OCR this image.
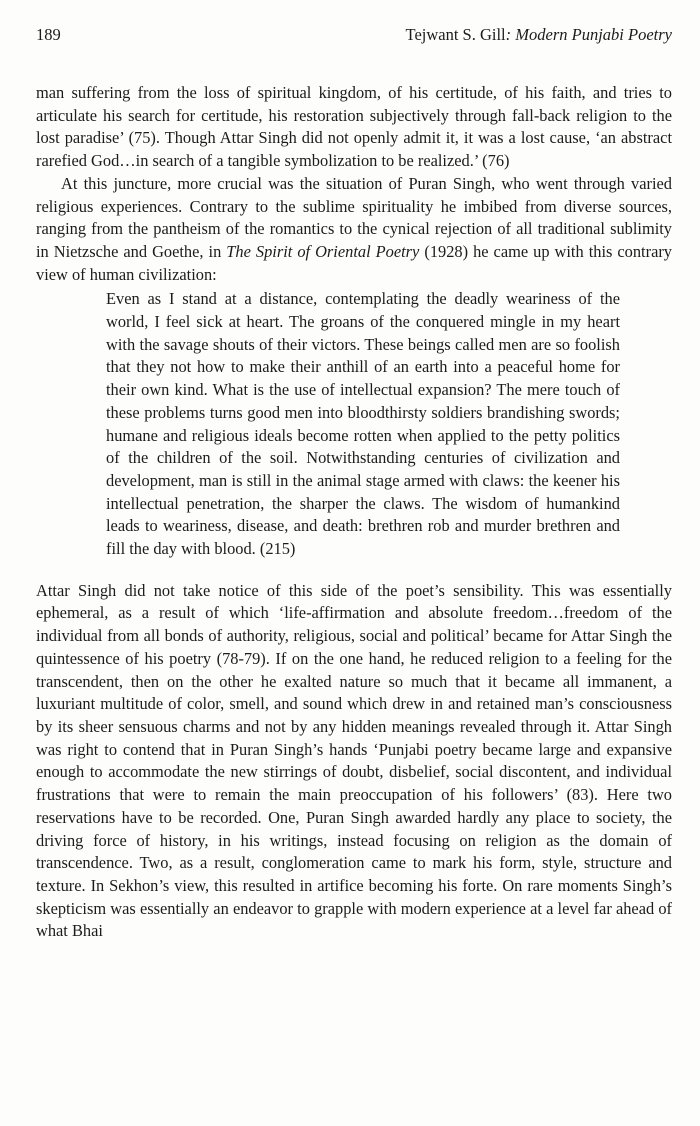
189	Tejwant S. Gill: Modern Punjabi Poetry

man suffering from the loss of spiritual kingdom, of his certitude, of his faith, and tries to articulate his search for certitude, his restoration subjectively through fall-back religion to the lost paradise’ (75). Though Attar Singh did not openly admit it, it was a lost cause, ‘an abstract rarefied God…in search of a tangible symbolization to be realized.’ (76)

At this juncture, more crucial was the situation of Puran Singh, who went through varied religious experiences. Contrary to the sublime spirituality he imbibed from diverse sources, ranging from the pantheism of the romantics to the cynical rejection of all traditional sublimity in Nietzsche and Goethe, in The Spirit of Oriental Poetry (1928) he came up with this contrary view of human civilization:

Even as I stand at a distance, contemplating the deadly weariness of the world, I feel sick at heart. The groans of the conquered mingle in my heart with the savage shouts of their victors. These beings called men are so foolish that they not how to make their anthill of an earth into a peaceful home for their own kind. What is the use of intellectual expansion? The mere touch of these problems turns good men into bloodthirsty soldiers brandishing swords; humane and religious ideals become rotten when applied to the petty politics of the children of the soil. Notwithstanding centuries of civilization and development, man is still in the animal stage armed with claws: the keener his intellectual penetration, the sharper the claws. The wisdom of humankind leads to weariness, disease, and death: brethren rob and murder brethren and fill the day with blood. (215)

Attar Singh did not take notice of this side of the poet’s sensibility. This was essentially ephemeral, as a result of which ‘life-affirmation and absolute freedom…freedom of the individual from all bonds of authority, religious, social and political’ became for Attar Singh the quintessence of his poetry (78-79). If on the one hand, he reduced religion to a feeling for the transcendent, then on the other he exalted nature so much that it became all immanent, a luxuriant multitude of color, smell, and sound which drew in and retained man’s consciousness by its sheer sensuous charms and not by any hidden meanings revealed through it. Attar Singh was right to contend that in Puran Singh’s hands ‘Punjabi poetry became large and expansive enough to accommodate the new stirrings of doubt, disbelief, social discontent, and individual frustrations that were to remain the main preoccupation of his followers’ (83). Here two reservations have to be recorded. One, Puran Singh awarded hardly any place to society, the driving force of history, in his writings, instead focusing on religion as the domain of transcendence. Two, as a result, conglomeration came to mark his form, style, structure and texture. In Sekhon’s view, this resulted in artifice becoming his forte. On rare moments Singh’s skepticism was essentially an endeavor to grapple with modern experience at a level far ahead of what Bhai
